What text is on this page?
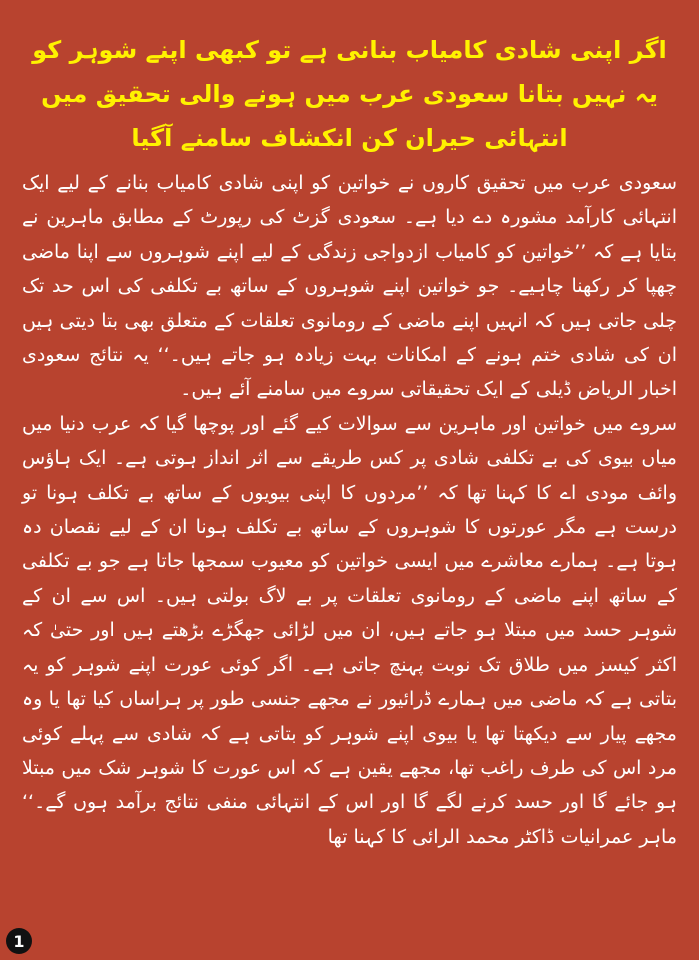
اگر اپنی شادی کامیاب بنانی ہے تو کبھی اپنے شوہر کو یہ نہیں بتانا سعودی عرب میں ہونے والی تحقیق میں انتہائی حیران کن انکشاف سامنے آگیا

سعودی عرب میں تحقیق کاروں نے خواتین کو اپنی شادی کامیاب بنانے کے لیے ایک انتہائی کارآمد مشورہ دے دیا ہے۔ سعودی گزٹ کی رپورٹ کے مطابق ماہرین نے بتایا ہے کہ ’’خواتین کو کامیاب ازدواجی زندگی کے لیے اپنے شوہروں سے اپنا ماضی چھپا کر رکھنا چاہیے۔ جو خواتین اپنے شوہروں کے ساتھ بے تکلفی کی اس حد تک چلی جاتی ہیں کہ انہیں اپنے ماضی کے رومانوی تعلقات کے متعلق بھی بتا دیتی ہیں ان کی شادی ختم ہونے کے امکانات بہت زیادہ ہو جاتے ہیں۔‘‘ یہ نتائج سعودی اخبار الریاض ڈیلی کے ایک تحقیقاتی سروے میں سامنے آئے ہیں۔

سروے میں خواتین اور ماہرین سے سوالات کیے گئے اور پوچھا گیا کہ عرب دنیا میں میاں بیوی کی بے تکلفی شادی پر کس طریقے سے اثر انداز ہوتی ہے۔ ایک ہاؤس وائف مودی اے کا کہنا تھا کہ ’’مردوں کا اپنی بیویوں کے ساتھ بے تکلف ہونا تو درست ہے مگر عورتوں کا شوہروں کے ساتھ بے تکلف ہونا ان کے لیے نقصان دہ ہوتا ہے۔ ہمارے معاشرے میں ایسی خواتین کو معیوب سمجھا جاتا ہے جو بے تکلفی کے ساتھ اپنے ماضی کے رومانوی تعلقات پر بے لاگ بولتی ہیں۔ اس سے ان کے شوہر حسد میں مبتلا ہو جاتے ہیں، ان میں لڑائی جھگڑے بڑھتے ہیں اور حتیٰ کہ اکثر کیسز میں طلاق تک نوبت پہنچ جاتی ہے۔ اگر کوئی عورت اپنے شوہر کو یہ بتاتی ہے کہ ماضی میں ہمارے ڈرائیور نے مجھے جنسی طور پر ہراساں کیا تھا یا وہ مجھے پیار سے دیکھتا تھا یا بیوی اپنے شوہر کو بتاتی ہے کہ شادی سے پہلے کوئی مرد اس کی طرف راغب تھا، مجھے یقین ہے کہ اس عورت کا شوہر شک میں مبتلا ہو جائے گا اور حسد کرنے لگے گا اور اس کے انتہائی منفی نتائج برآمد ہوں گے۔‘‘ ماہر عمرانیات ڈاکٹر محمد الرائی کا کہنا تھا

1
